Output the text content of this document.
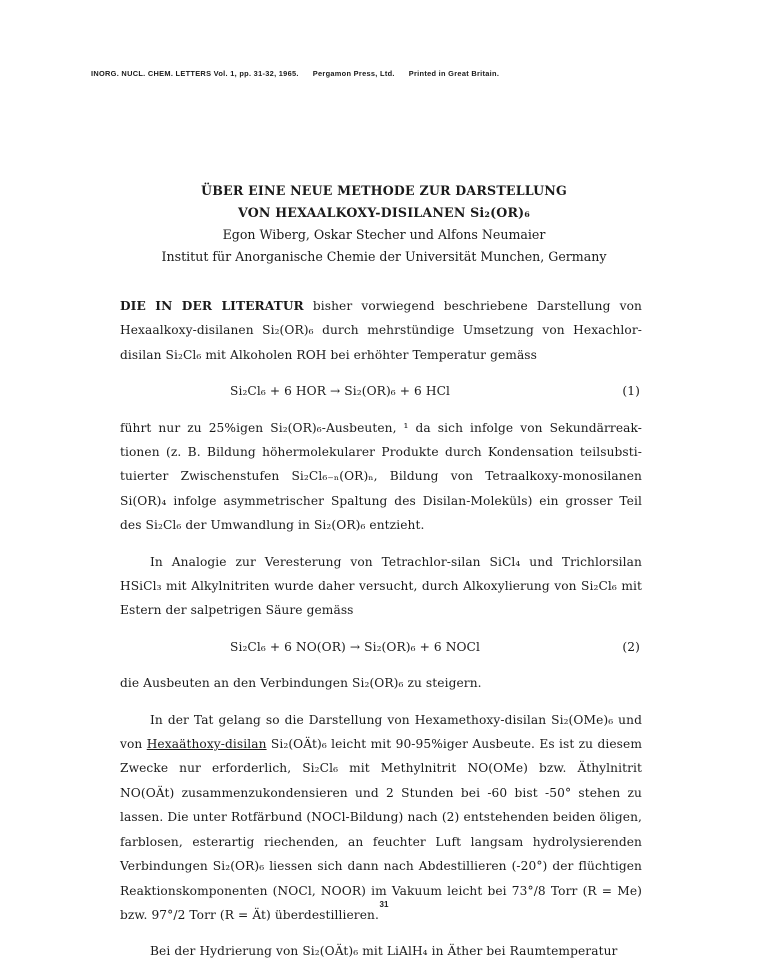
INORG. NUCL. CHEM. LETTERS Vol. 1, pp. 31-32, 1965. Pergamon Press, Ltd. Printed in Great Britain.
ÜBER EINE NEUE METHODE ZUR DARSTELLUNG
VON HEXAALKOXY-DISILANEN Si₂(OR)₆
Egon Wiberg, Oskar Stecher und Alfons Neumaier
Institut für Anorganische Chemie der Universität Munchen, Germany

DIE IN DER LITERATUR bisher vorwiegend beschriebene Darstellung von Hexaalkoxy-disilanen Si₂(OR)₆ durch mehrstündige Umsetzung von Hexachlor-disilan Si₂Cl₆ mit Alkoholen ROH bei erhöhter Temperatur gemäss

Si₂Cl₆ + 6 HOR → Si₂(OR)₆ + 6 HCl	(1)

führt nur zu 25%igen Si₂(OR)₆-Ausbeuten, ¹ da sich infolge von Sekundärreak-tionen (z. B. Bildung höhermolekularer Produkte durch Kondensation teilsubsti-tuierter Zwischenstufen Si₂Cl₆₋ₙ(OR)ₙ, Bildung von Tetraalkoxy-monosilanen Si(OR)₄ infolge asymmetrischer Spaltung des Disilan-Moleküls) ein grosser Teil des Si₂Cl₆ der Umwandlung in Si₂(OR)₆ entzieht.

In Analogie zur Veresterung von Tetrachlor-silan SiCl₄ und Trichlorsilan HSiCl₃ mit Alkylnitriten wurde daher versucht, durch Alkoxylierung von Si₂Cl₆ mit Estern der salpetrigen Säure gemäss

Si₂Cl₆ + 6 NO(OR) → Si₂(OR)₆ + 6 NOCl	(2)

die Ausbeuten an den Verbindungen Si₂(OR)₆ zu steigern.

In der Tat gelang so die Darstellung von Hexamethoxy-disilan Si₂(OMe)₆ und von Hexaäthoxy-disilan Si₂(OÄt)₆ leicht mit 90-95%iger Ausbeute. Es ist zu diesem Zwecke nur erforderlich, Si₂Cl₆ mit Methylnitrit NO(OMe) bzw. Äthylnitrit NO(OÄt) zusammenzukondensieren und 2 Stunden bei -60 bist -50° stehen zu lassen. Die unter Rotfärbund (NOCl-Bildung) nach (2) entstehenden beiden öligen, farblosen, esterartig riechenden, an feuchter Luft langsam hydrolysierenden Verbindungen Si₂(OR)₆ liessen sich dann nach Abdestillieren (-20°) der flüchtigen Reaktionskomponenten (NOCl, NOOR) im Vakuum leicht bei 73°/8 Torr (R = Me) bzw. 97°/2 Torr (R = Ät) überdestillieren.

Bei der Hydrierung von Si₂(OÄt)₆ mit LiAlH₄ in Äther bei Raumtemperatur

31
